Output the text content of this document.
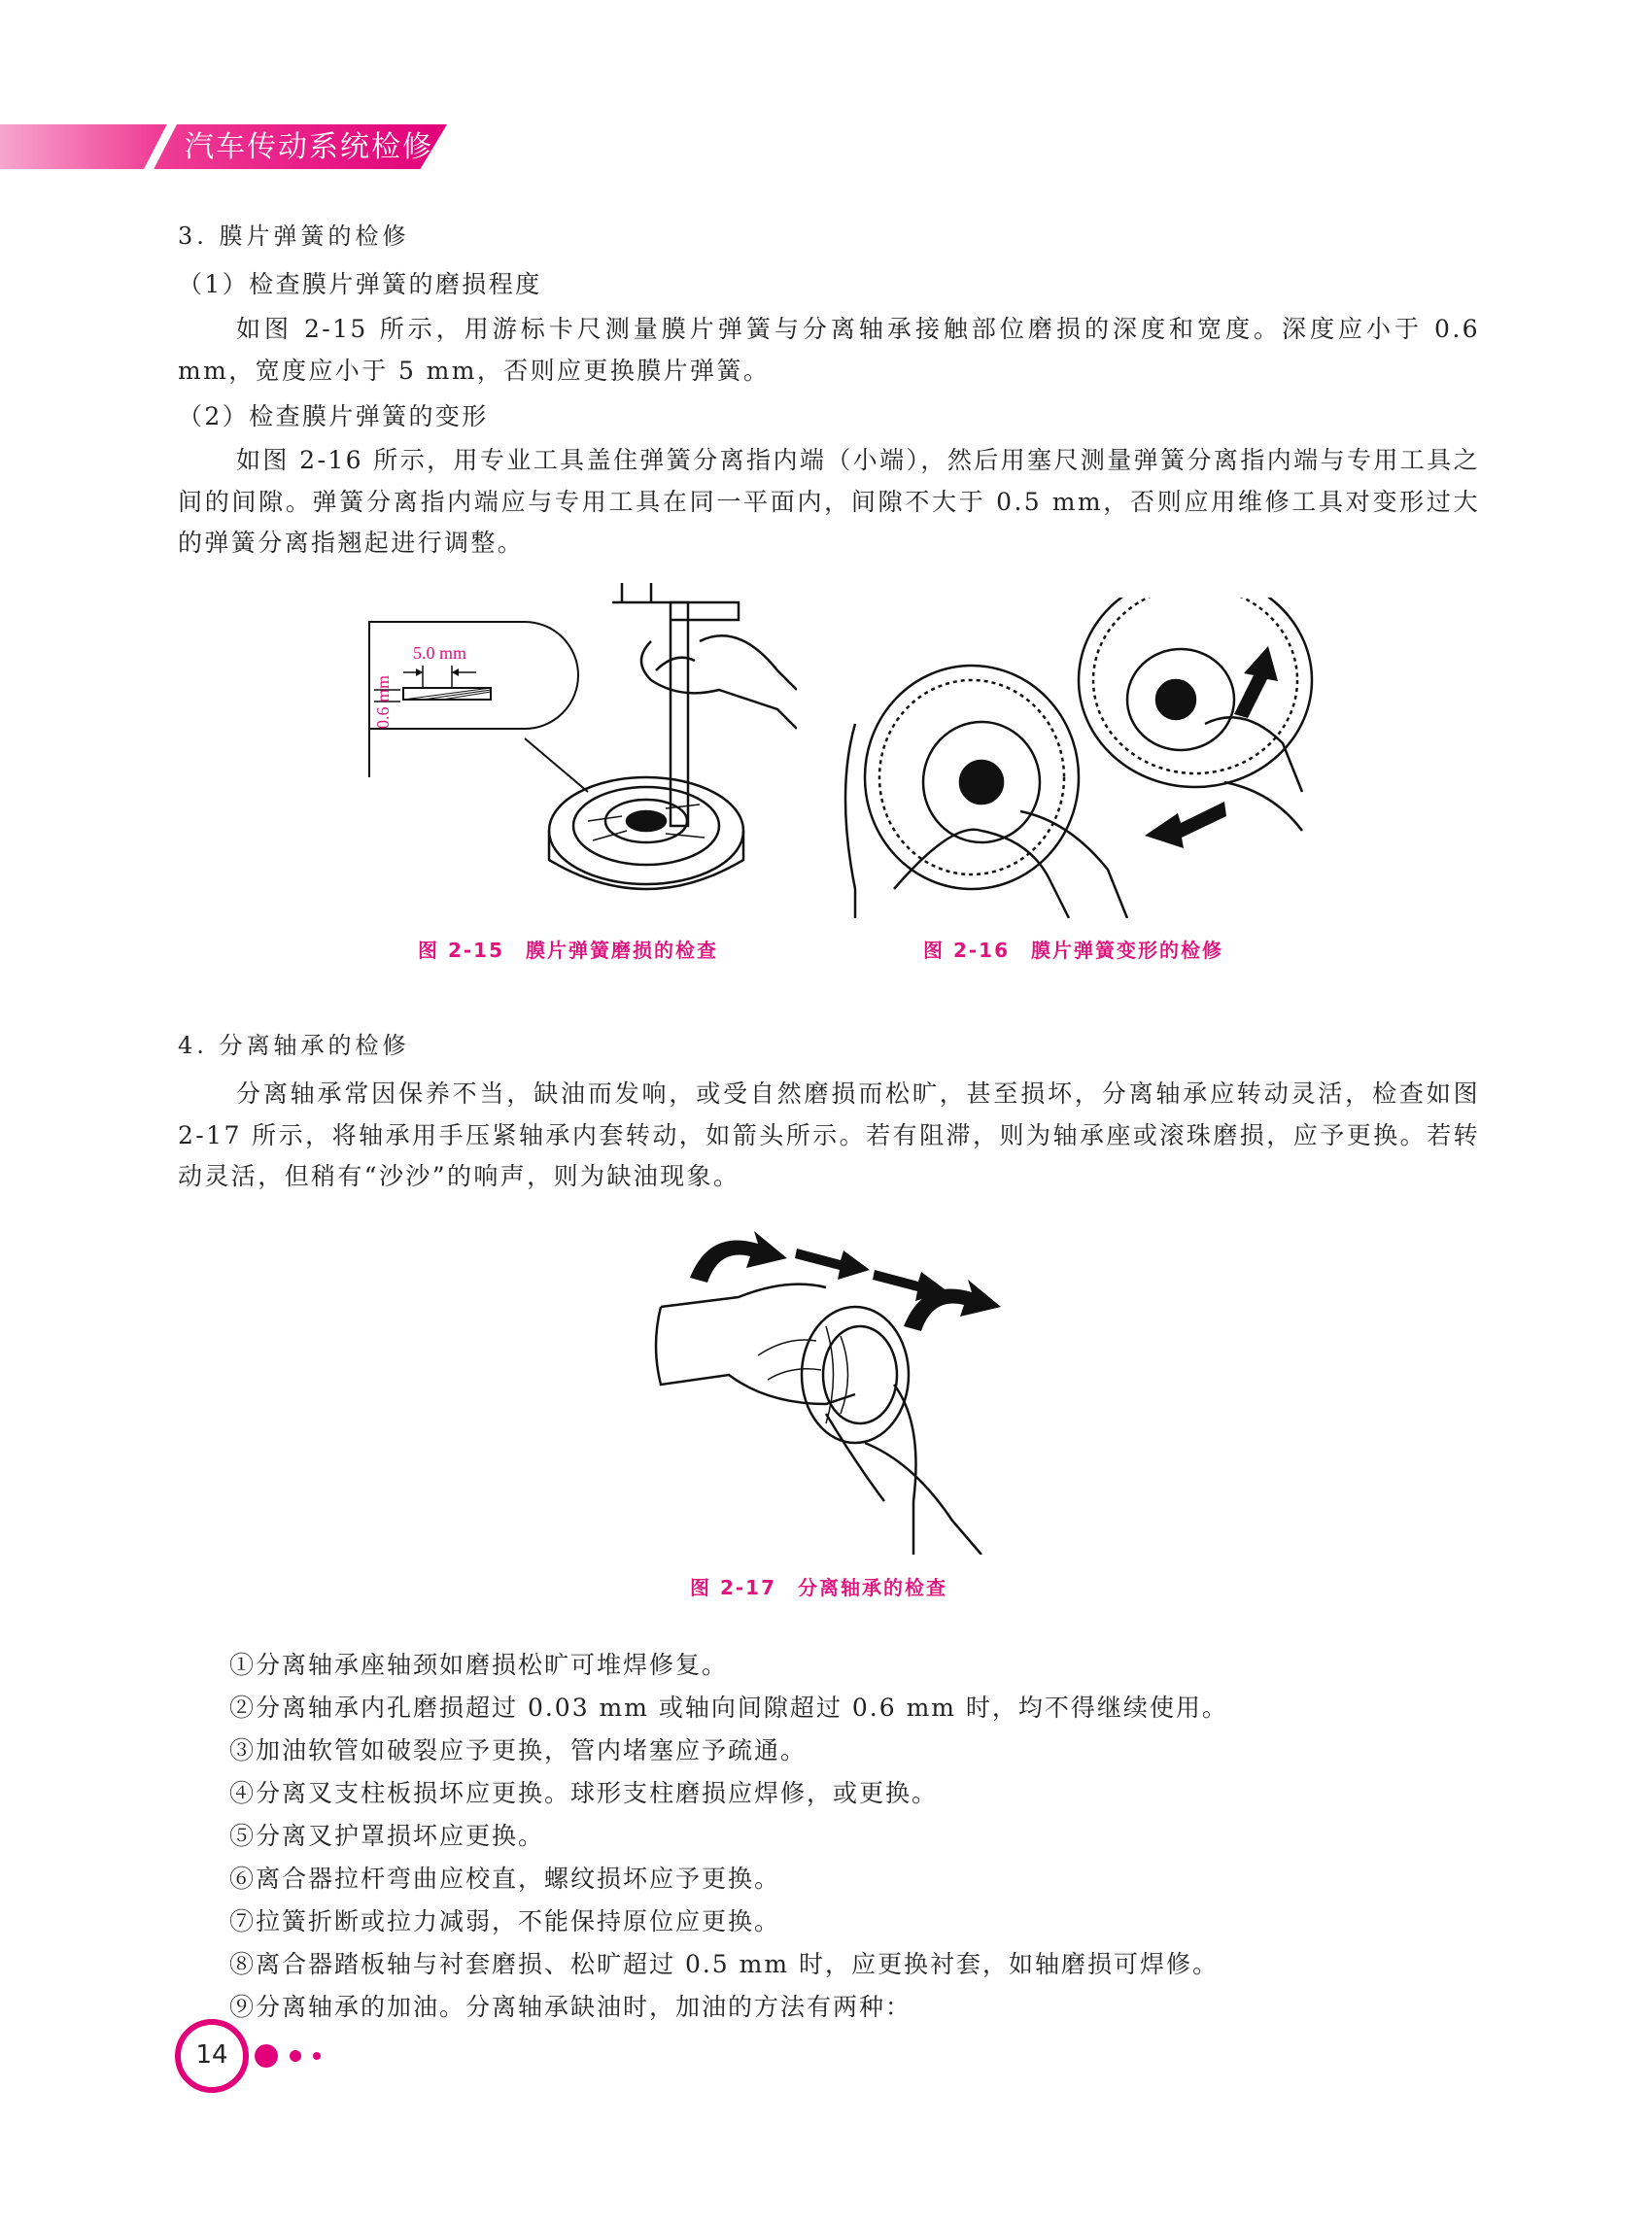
汽车传动系统检修
3. 膜片弹簧的检修
（1）检查膜片弹簧的磨损程度
如图 2-15 所示，用游标卡尺测量膜片弹簧与分离轴承接触部位磨损的深度和宽度。深度应小于 0.6 mm，宽度应小于 5 mm，否则应更换膜片弹簧。
（2）检查膜片弹簧的变形
如图 2-16 所示，用专业工具盖住弹簧分离指内端（小端），然后用塞尺测量弹簧分离指内端与专用工具之间的间隙。弹簧分离指内端应与专用工具在同一平面内，间隙不大于 0.5 mm，否则应用维修工具对变形过大的弹簧分离指翘起进行调整。
5.0 mm
0.6 mm
图 2-15　膜片弹簧磨损的检查	图 2-16　膜片弹簧变形的检修
4. 分离轴承的检修
分离轴承常因保养不当，缺油而发响，或受自然磨损而松旷，甚至损坏，分离轴承应转动灵活，检查如图 2-17 所示，将轴承用手压紧轴承内套转动，如箭头所示。若有阻滞，则为轴承座或滚珠磨损，应予更换。若转动灵活，但稍有“沙沙”的响声，则为缺油现象。
图 2-17　分离轴承的检查
①分离轴承座轴颈如磨损松旷可堆焊修复。
②分离轴承内孔磨损超过 0.03 mm 或轴向间隙超过 0.6 mm 时，均不得继续使用。
③加油软管如破裂应予更换，管内堵塞应予疏通。
④分离叉支柱板损坏应更换。球形支柱磨损应焊修，或更换。
⑤分离叉护罩损坏应更换。
⑥离合器拉杆弯曲应校直，螺纹损坏应予更换。
⑦拉簧折断或拉力减弱，不能保持原位应更换。
⑧离合器踏板轴与衬套磨损、松旷超过 0.5 mm 时，应更换衬套，如轴磨损可焊修。
⑨分离轴承的加油。分离轴承缺油时，加油的方法有两种：
14
